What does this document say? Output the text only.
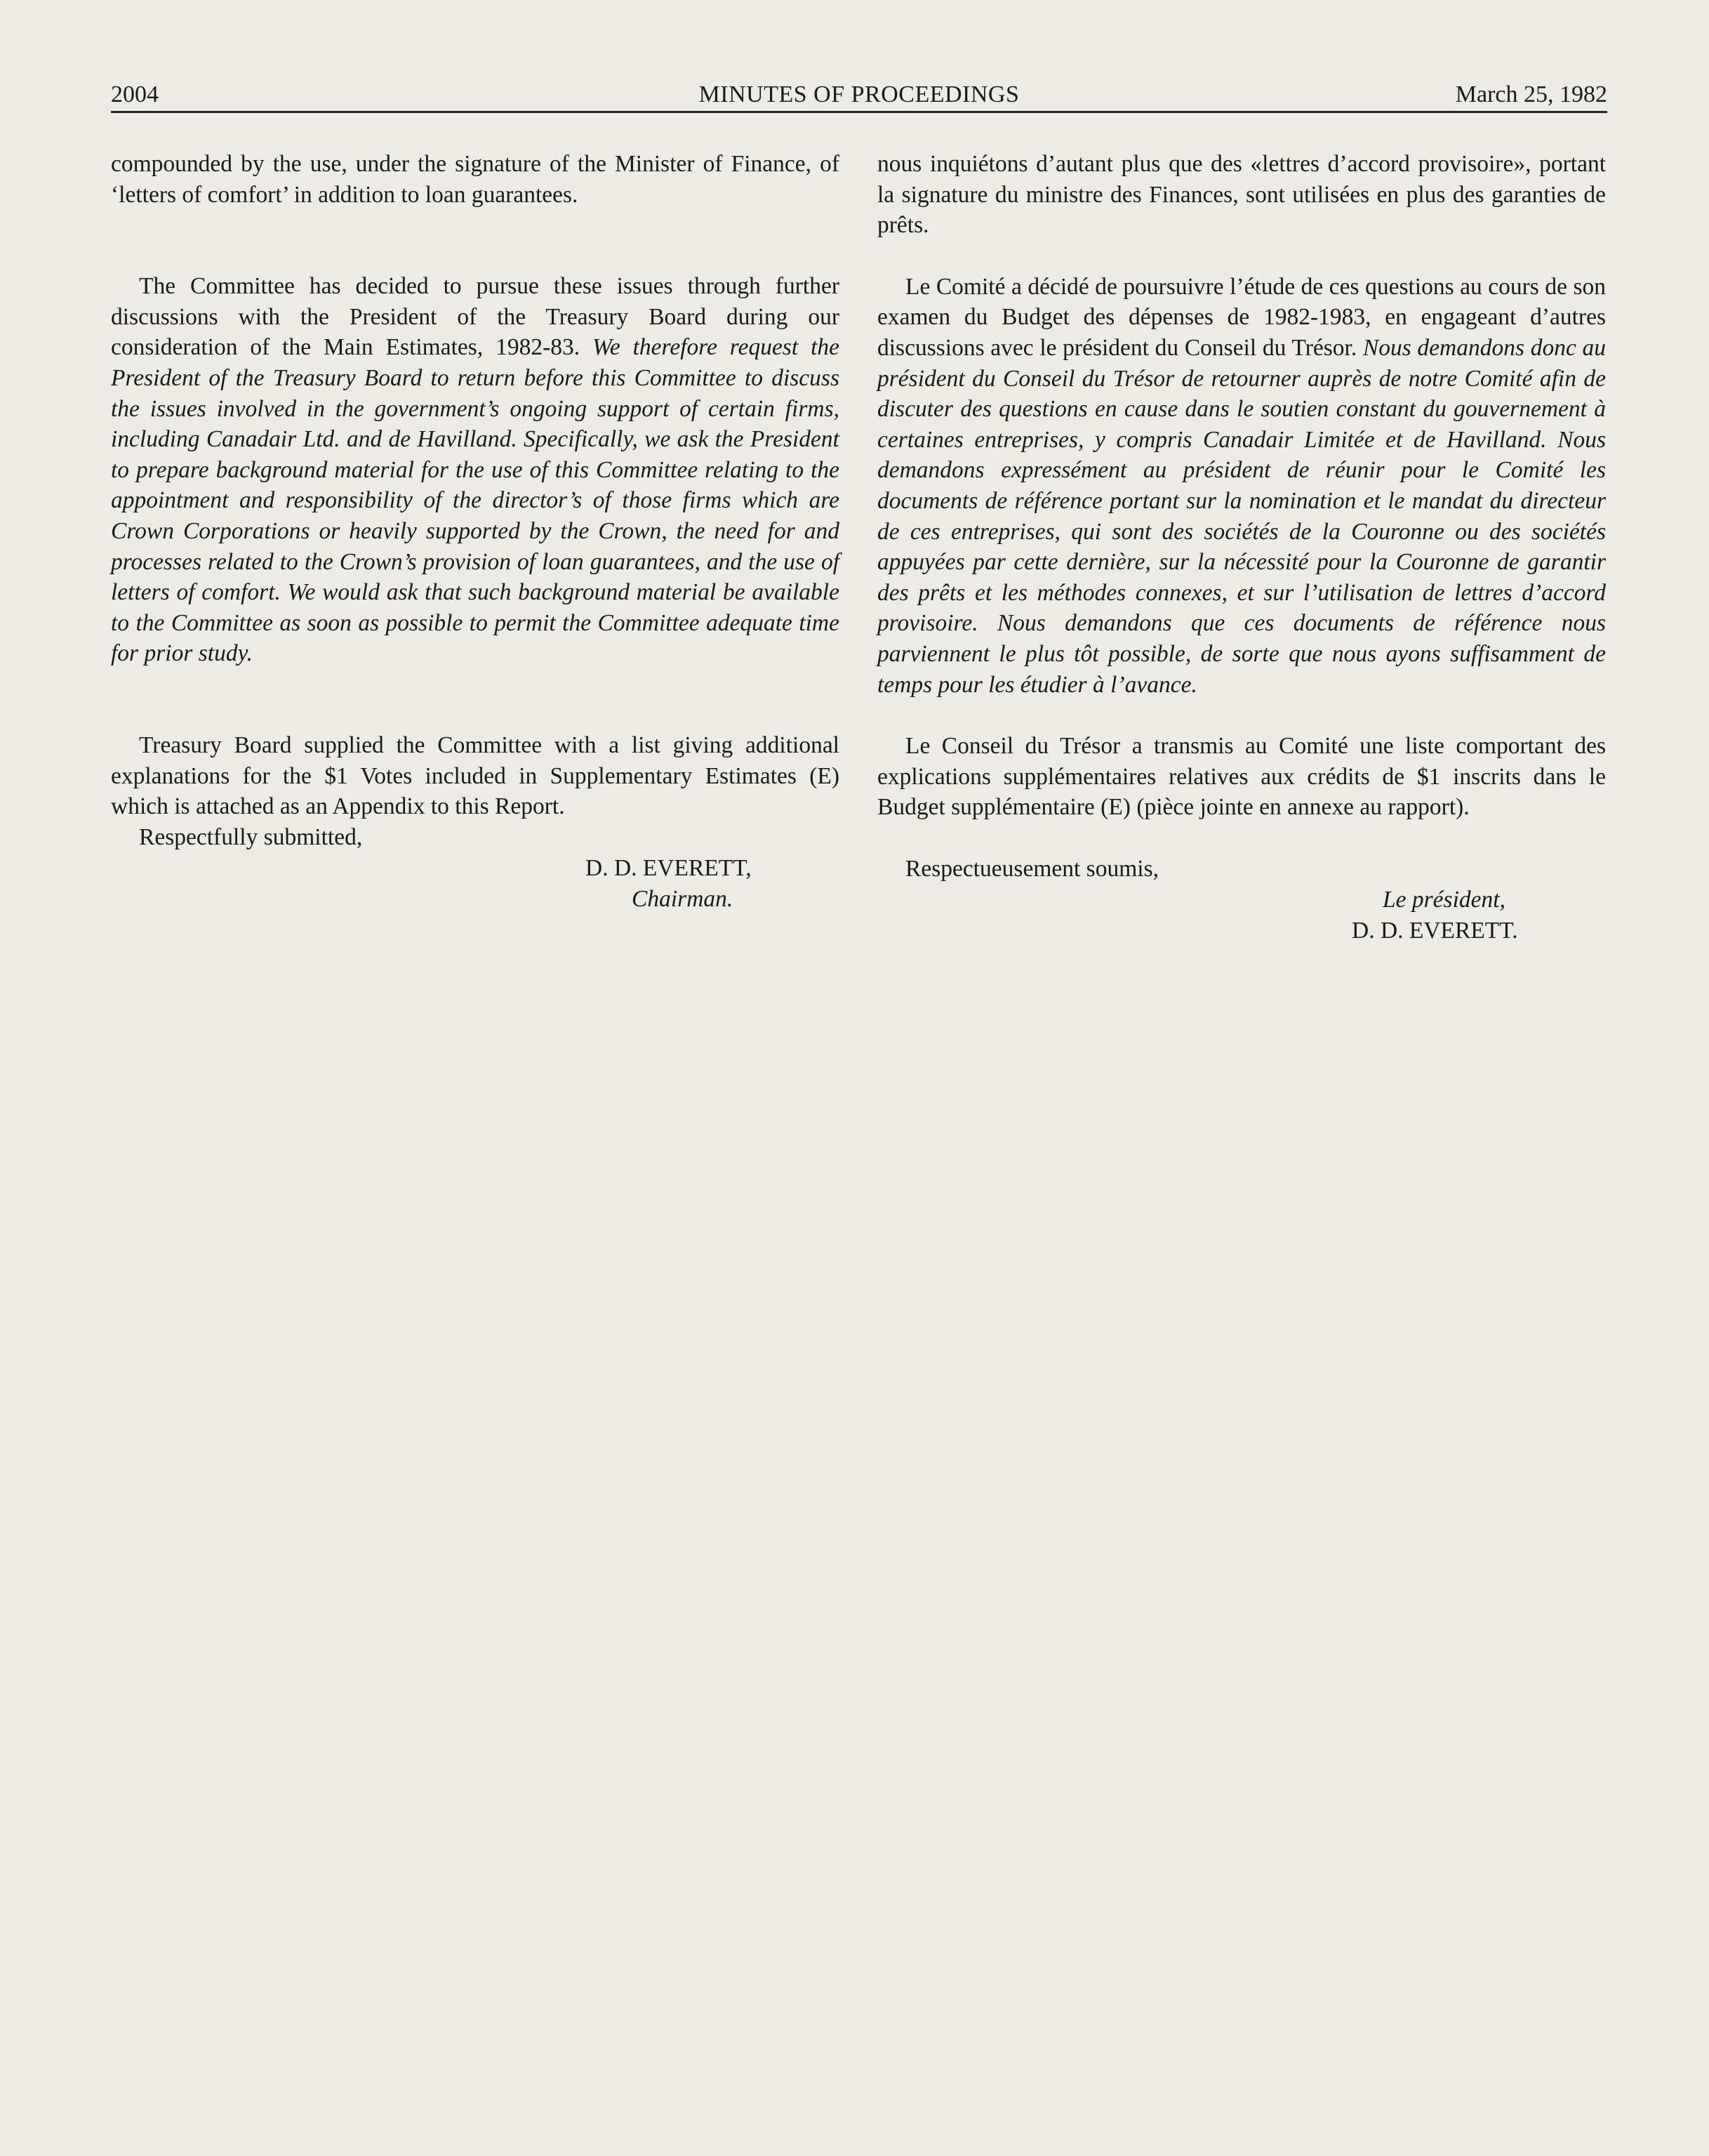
2004	MINUTES OF PROCEEDINGS	March 25, 1982

compounded by the use, under the signature of the Minister of Finance, of ‘letters of comfort’ in addition to loan guarantees.

The Committee has decided to pursue these issues through further discussions with the President of the Treasury Board during our consideration of the Main Estimates, 1982-83. We therefore request the President of the Treasury Board to return before this Committee to discuss the issues involved in the government’s ongoing support of certain firms, including Canadair Ltd. and de Havilland. Specifically, we ask the President to prepare background material for the use of this Committee relating to the appointment and responsibility of the director’s of those firms which are Crown Corporations or heavily supported by the Crown, the need for and processes related to the Crown’s provision of loan guarantees, and the use of letters of comfort. We would ask that such background material be available to the Committee as soon as possible to permit the Committee adequate time for prior study.

Treasury Board supplied the Committee with a list giving additional explanations for the $1 Votes included in Supplementary Estimates (E) which is attached as an Appendix to this Report.

Respectfully submitted,
D. D. EVERETT,
Chairman.

nous inquiétons d’autant plus que des «lettres d’accord provisoire», portant la signature du ministre des Finances, sont utilisées en plus des garanties de prêts.

Le Comité a décidé de poursuivre l’étude de ces questions au cours de son examen du Budget des dépenses de 1982-1983, en engageant d’autres discussions avec le président du Conseil du Trésor. Nous demandons donc au président du Conseil du Trésor de retourner auprès de notre Comité afin de discuter des questions en cause dans le soutien constant du gouvernement à certaines entreprises, y compris Canadair Limitée et de Havilland. Nous demandons expressément au président de réunir pour le Comité les documents de référence portant sur la nomination et le mandat du directeur de ces entreprises, qui sont des sociétés de la Couronne ou des sociétés appuyées par cette dernière, sur la nécessité pour la Couronne de garantir des prêts et les méthodes connexes, et sur l’utilisation de lettres d’accord provisoire. Nous demandons que ces documents de référence nous parviennent le plus tôt possible, de sorte que nous ayons suffisamment de temps pour les étudier à l’avance.

Le Conseil du Trésor a transmis au Comité une liste comportant des explications supplémentaires relatives aux crédits de $1 inscrits dans le Budget supplémentaire (E) (pièce jointe en annexe au rapport).

Respectueusement soumis,
Le président,
D. D. EVERETT.
